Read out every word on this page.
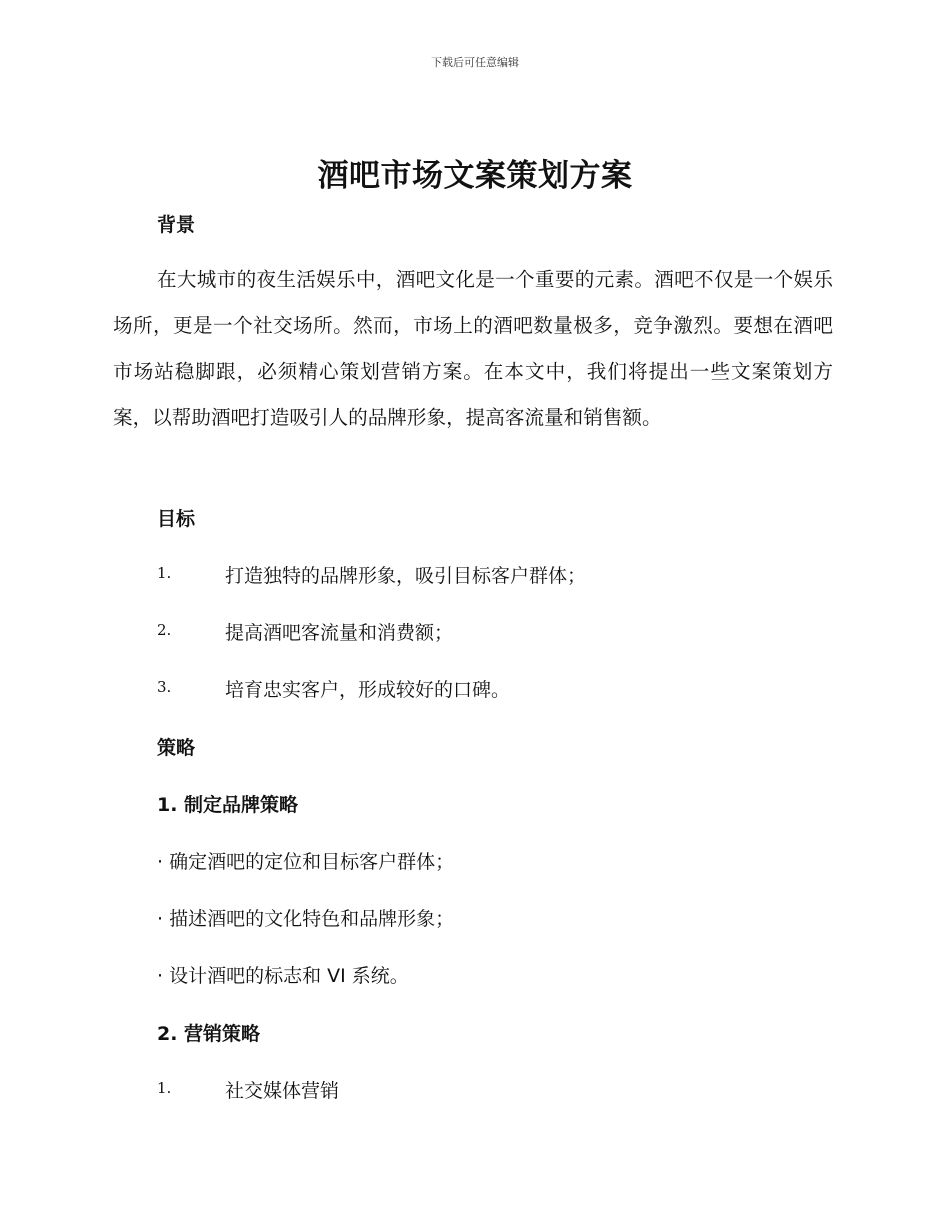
下载后可任意编辑
酒吧市场文案策划方案
背景
在大城市的夜生活娱乐中，酒吧文化是一个重要的元素。酒吧不仅是一个娱乐场所，更是一个社交场所。然而，市场上的酒吧数量极多，竞争激烈。要想在酒吧市场站稳脚跟，必须精心策划营销方案。在本文中，我们将提出一些文案策划方案，以帮助酒吧打造吸引人的品牌形象，提高客流量和销售额。
目标
1.	打造独特的品牌形象，吸引目标客户群体；
2.	提高酒吧客流量和消费额；
3.	培育忠实客户，形成较好的口碑。
策略
1. 制定品牌策略
· 确定酒吧的定位和目标客户群体；
· 描述酒吧的文化特色和品牌形象；
· 设计酒吧的标志和 VI 系统。
2. 营销策略
1.	社交媒体营销
